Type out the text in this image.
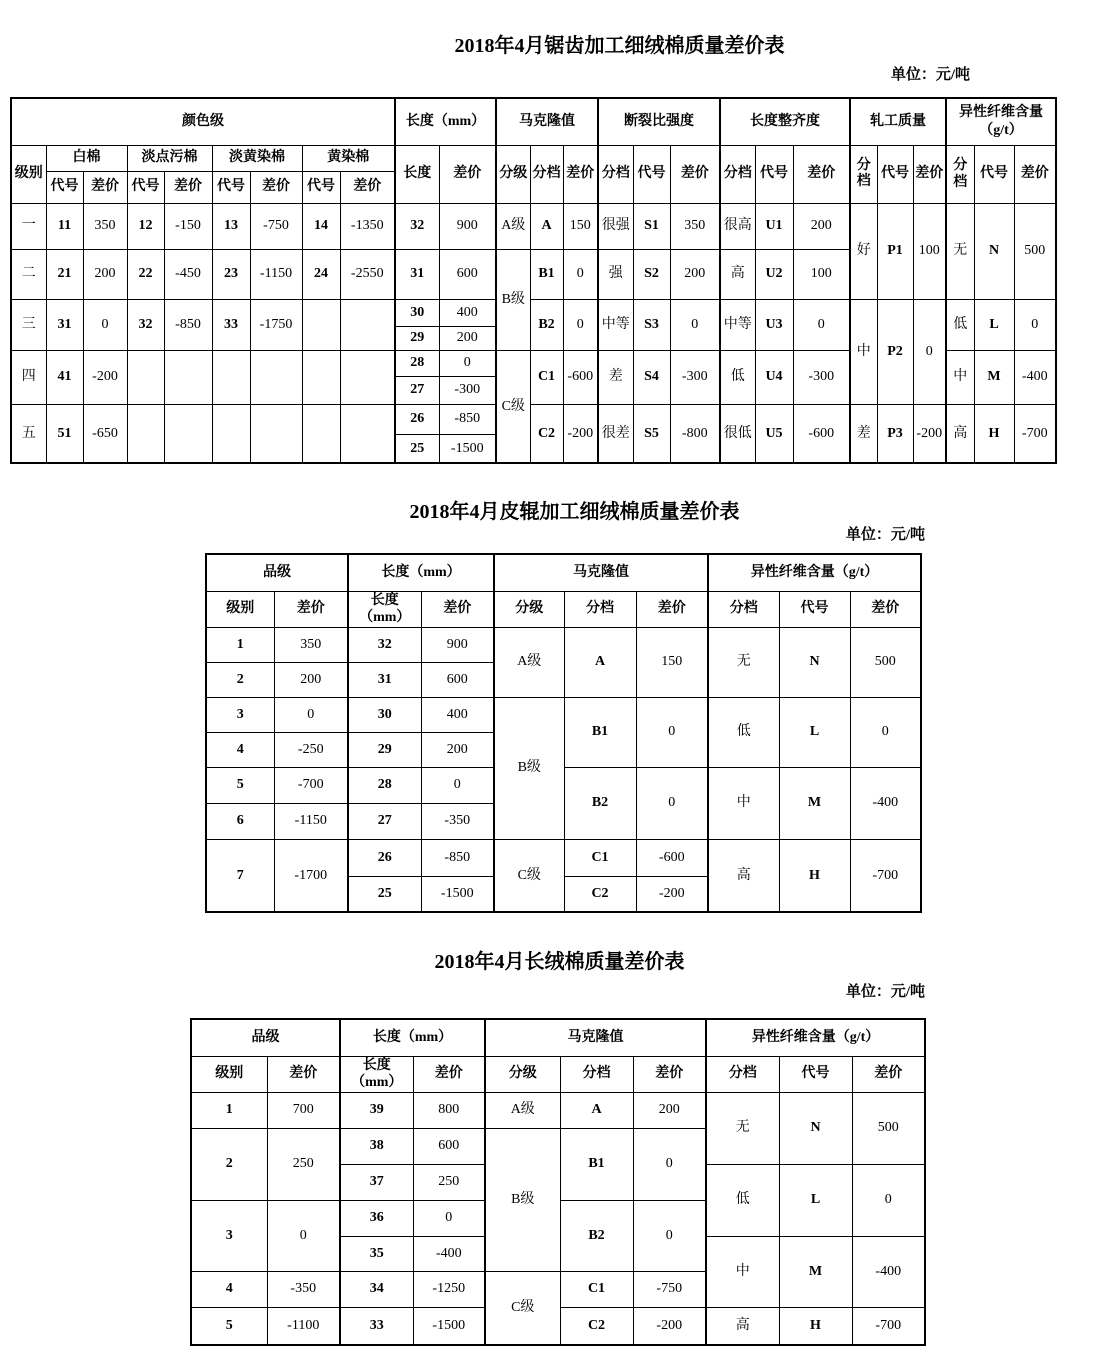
2018年4月锯齿加工细绒棉质量差价表
单位：元/吨
颜色级									长度（mm）		马克隆值			断裂比强度			长度整齐度			轧工质量			异性纤维含量
（g/t）		

级别	白棉		淡点污棉		淡黄染棉		黄染棉		长度	差价	分级	分档	差价	分档	代号	差价	分档	代号	差价	分档	代号	差价	分档	代号	差价
	代号	差价	代号	差价	代号	差价	代号	差价																	
一	11	350	12	-150	13	-750	14	-1350	32	900	A级	A	150	很强	S1	350	很高	U1	200	好	P1	100	无	N	500
二	21	200	22	-450	23	-1150	24	-2550	31	600	B级	B1	0	强	S2	200	高	U2	100						
三	31	0	32	-850	33	-1750			30	400		B2	0	中等	S3	0	中等	U3	0	中	P2	0	低	L	0
									29	200															
四	41	-200							28	0	C级	C1	-600	差	S4	-300	低	U4	-300				中	M	-400
									27	-300															
五	51	-650							26	-850		C2	-200	很差	S5	-800	很低	U5	-600	差	P3	-200	高	H	-700
									25	-1500															
2018年4月皮辊加工细绒棉质量差价表
单位：元/吨
品级		长度（mm）		马克隆值			异性纤维含量（g/t）		
级别	差价	长度（mm）	差价	分级	分档	差价	分档	代号	差价
1	350	32	900	A级	A	150	无	N	500
2	200	31	600						
3	0	30	400	B级	B1	0	低	L	0
4	-250	29	200						
5	-700	28	0		B2	0	中	M	-400
6	-1150	27	-350						
7	-1700	26	-850	C级	C1	-600	高	H	-700
		25	-1500		C2	-200			
2018年4月长绒棉质量差价表
单位：元/吨
品级		长度（mm）		马克隆值			异性纤维含量（g/t）		
级别	差价	长度（mm）	差价	分级	分档	差价	分档	代号	差价
1	700	39	800	A级	A	200	无	N	500
2	250	38	600	B级	B1	0			
		37	250				低	L	0
3	0	36	0		B2	0			
		35	-400				中	M	-400
4	-350	34	-1250	C级	C1	-750			
5	-1100	33	-1500		C2	-200	高	H	-700
